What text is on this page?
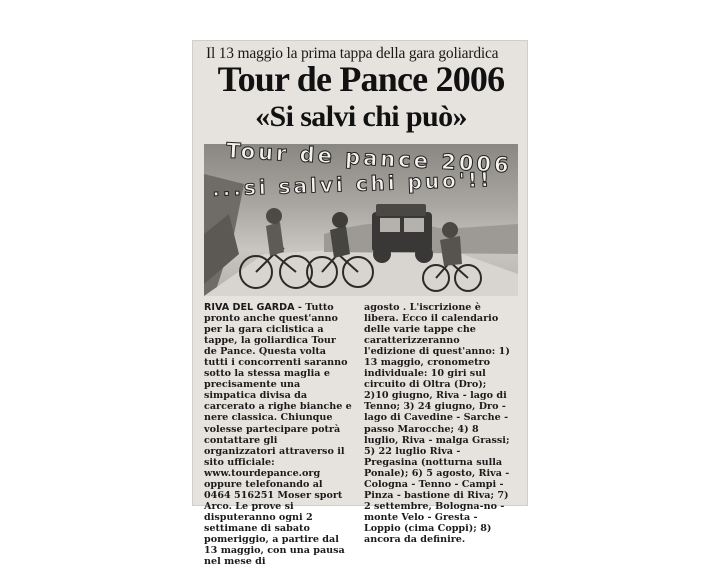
Il 13 maggio la prima tappa della gara goliardica
Tour de Pance 2006
«Si salvi chi può»
Tour de pance 2006
...si salvi chi puo'!!

RIVA DEL GARDA - Tutto pronto anche quest'anno per la gara ciclistica a tappe, la goliardica Tour de Pance. Questa volta tutti i concorrenti saranno sotto la stessa maglia e precisamente una simpatica divisa da carcerato a righe bianche e nere classica. Chiunque volesse partecipare potrà contattare gli organizzatori attraverso il sito ufficiale: www.tourdepance.org oppure telefonando al 0464 516251 Moser sport Arco. Le prove si disputeranno ogni 2 settimane di sabato pomeriggio, a partire dal 13 maggio, con una pausa nel mese di

agosto . L'iscrizione è libera. Ecco il calendario delle varie tappe che caratterizzeranno l'edizione di quest'anno: 1) 13 maggio, cronometro individuale: 10 giri sul circuito di Oltra (Dro); 2)10 giugno, Riva - lago di Tenno; 3) 24 giugno, Dro - lago di Cavedine - Sarche - passo Marocche; 4) 8 luglio, Riva - malga Grassi; 5) 22 luglio Riva - Pregasina (notturna sulla Ponale); 6) 5 agosto, Riva - Cologna - Tenno - Campi - Pinza - bastione di Riva; 7) 2 settembre, Bologna-no - monte Velo - Gresta - Loppio (cima Coppi); 8) ancora da definire.
